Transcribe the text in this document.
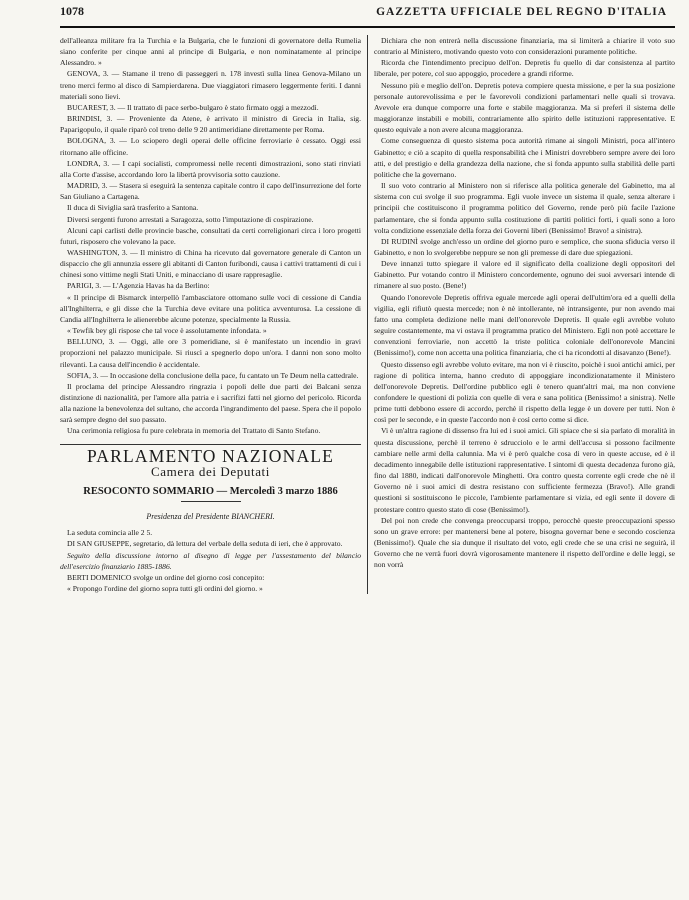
1078	GAZZETTA UFFICIALE DEL REGNO D'ITALIA

dell'alleanza militare fra la Turchia e la Bulgaria, che le funzioni di governatore della Rumelia siano conferite per cinque anni al principe di Bulgaria, e non nominatamente al principe Alessandro. »

GENOVA, 3. — Stamane il treno di passeggeri n. 178 investì sulla linea Genova-Milano un treno merci fermo al disco di Sampierdarena. Due viaggiatori rimasero leggermente feriti. I danni materiali sono lievi.

BUCAREST, 3. — Il trattato di pace serbo-bulgaro è stato firmato oggi a mezzodì.

BRINDISI, 3. — Proveniente da Atene, è arrivato il ministro di Grecia in Italia, sig. Paparigopulo, il quale riparò col treno delle 9 20 antimeridiane direttamente per Roma.

BOLOGNA, 3. — Lo sciopero degli operai delle officine ferroviarie è cessato. Oggi essi ritornano alle officine.

LONDRA, 3. — I capi socialisti, compromessi nelle recenti dimostrazioni, sono stati rinviati alla Corte d'assise, accordando loro la libertà provvisoria sotto cauzione.

MADRID, 3. — Stasera si eseguirà la sentenza capitale contro il capo dell'insurrezione del forte San Giuliano a Cartagena.

Il duca di Siviglia sarà trasferito a Santona.

Diversi sergenti furono arrestati a Saragozza, sotto l'imputazione di cospirazione.

Alcuni capi carlisti delle provincie basche, consultati da certi correligionari circa i loro progetti futuri, risposero che volevano la pace.

WASHINGTON, 3. — Il ministro di China ha ricevuto dal governatore generale di Canton un dispaccio che gli annunzia essere gli abitanti di Canton furibondi, causa i cattivi trattamenti di cui i chinesi sono vittime negli Stati Uniti, e minacciano di usare rappresaglie.

PARIGI, 3. — L'Agenzia Havas ha da Berlino:

« Il principe di Bismarck interpellò l'ambasciatore ottomano sulle voci di cessione di Candia all'Inghilterra, e gli disse che la Turchia deve evitare una politica avventurosa. La cessione di Candia all'Inghilterra le alienerebbe alcune potenze, specialmente la Russia.

« Tewfik bey gli rispose che tal voce è assolutamente infondata. »

BELLUNO, 3. — Oggi, alle ore 3 pomeridiane, si è manifestato un incendio in gravi proporzioni nel palazzo municipale. Si riuscì a spegnerlo dopo un'ora. I danni non sono molto rilevanti. La causa dell'incendio è accidentale.

SOFIA, 3. — In occasione della conclusione della pace, fu cantato un Te Deum nella cattedrale.

Il proclama del principe Alessandro ringrazia i popoli delle due parti dei Balcani senza distinzione di nazionalità, per l'amore alla patria e i sacrifizi fatti nel giorno del pericolo. Ricorda alla nazione la benevolenza del sultano, che accorda l'ingrandimento del paese. Spera che il popolo sarà sempre degno del suo passato.

Una cerimonia religiosa fu pure celebrata in memoria del Trattato di Santo Stefano.

PARLAMENTO NAZIONALE
Camera dei Deputati
RESOCONTO SOMMARIO — Mercoledì 3 marzo 1886
Presidenza del Presidente BIANCHERI.

La seduta comincia alle 2 5.

DI SAN GIUSEPPE, segretario, dà lettura del verbale della seduta di ieri, che è approvato.

Seguito della discussione intorno al disegno di legge per l'assestamento del bilancio dell'esercizio finanziario 1885-1886.

BERTI DOMENICO svolge un ordine del giorno così concepito:

« Propongo l'ordine del giorno sopra tutti gli ordini del giorno. »

Dichiara che non entrerà nella discussione finanziaria, ma si limiterà a chiarire il voto suo contrario al Ministero, motivando questo voto con considerazioni puramente politiche.

Ricorda che l'intendimento precipuo dell'on. Depretis fu quello di dar consistenza al partito liberale, per potere, col suo appoggio, procedere a grandi riforme.

Nessuno più e meglio dell'on. Depretis poteva compiere questa missione, e per la sua posizione personale autorevolissima e per le favorevoli condizioni parlamentari nelle quali si trovava. Avevole era dunque comporre una forte e stabile maggioranza. Ma si preferì il sistema delle maggioranze instabili e mobili, contrariamente allo spirito delle istituzioni rappresentative. E questo equivale a non avere alcuna maggioranza.

Come conseguenza di questo sistema poca autorità rimane ai singoli Ministri, poca all'intero Gabinetto; e ciò a scapito di quella responsabilità che i Ministri dovrebbero sempre avere dei loro atti, e del prestigio e della grandezza della nazione, che si fonda appunto sulla stabilità delle parti politiche che la governano.

Il suo voto contrario al Ministero non si riferisce alla politica generale del Gabinetto, ma al sistema con cui svolge il suo programma. Egli vuole invece un sistema il quale, senza alterare i principii che costituiscono il programma politico del Governo, rende però più facile l'azione parlamentare, che si fonda appunto sulla costituzione di partiti politici forti, i quali sono a loro volta condizione essenziale della forza dei Governi liberi (Benissimo! Bravo! a sinistra).

DI RUDINÌ svolge anch'esso un ordine del giorno puro e semplice, che suona sfiducia verso il Gabinetto, e non lo svolgerebbe neppure se non gli premesse di dare due spiegazioni.

Deve innanzi tutto spiegare il valore ed il significato della coalizione degli oppositori del Gabinetto. Pur votando contro il Ministero concordemente, ognuno dei suoi avversari intende di rimanere al suo posto. (Bene!)

Quando l'onorevole Depretis offriva eguale mercede agli operai dell'ultim'ora ed a quelli della vigilia, egli rifiutò questa mercede; non è nè intollerante, nè intransigente, pur non avendo mai fatto una completa dedizione nelle mani dell'onorevole Depretis. Il quale egli avrebbe voluto seguire costantemente, ma vi ostava il programma pratico del Ministero. Egli non potè accettare le convenzioni ferroviarie, non accettò la triste politica coloniale dell'onorevole Mancini (Benissimo!), come non accetta una politica finanziaria, che ci ha ricondotti al disavanzo (Bene!).

Questo dissenso egli avrebbe voluto evitare, ma non vi è riuscito, poichè i suoi antichi amici, per ragione di politica interna, hanno creduto di appoggiare incondizionatamente il Ministero dell'onorevole Depretis. Dell'ordine pubblico egli è tenero quant'altri mai, ma non conviene confondere le questioni di polizia con quelle di vera e sana politica (Benissimo! a sinistra). Nelle prime tutti debbono essere di accordo, perchè il rispetto della legge è un dovere per tutti. Non è così per le seconde, e in queste l'accordo non è così certo come si dice.

Vi è un'altra ragione di dissenso fra lui ed i suoi amici. Gli spiace che si sia parlato di moralità in questa discussione, perchè il terreno è sdrucciolo e le armi dell'accusa si possono facilmente cambiare nelle armi della calunnia. Ma vi è però qualche cosa di vero in queste accuse, ed è il decadimento innegabile delle istituzioni rappresentative. I sintomi di questa decadenza furono già, fino dal 1880, indicati dall'onorevole Minghetti. Ora contro questa corrente egli crede che nè il Governo nè i suoi amici di destra resistano con sufficiente fermezza (Bravo!). Alle grandi questioni si sostituiscono le piccole, l'ambiente parlamentare si vizia, ed egli sente il dovere di protestare contro questo stato di cose (Benissimo!).

Del poi non crede che convenga preoccuparsi troppo, perocchè queste preoccupazioni spesso sono un grave errore: per mantenersi bene al potere, bisogna governar bene e secondo coscienza (Benissimo!). Quale che sia dunque il risultato del voto, egli crede che se una crisi ne seguirà, il Governo che ne verrà fuori dovrà vigorosamente mantenere il rispetto dell'ordine e delle leggi, se non vorrà
